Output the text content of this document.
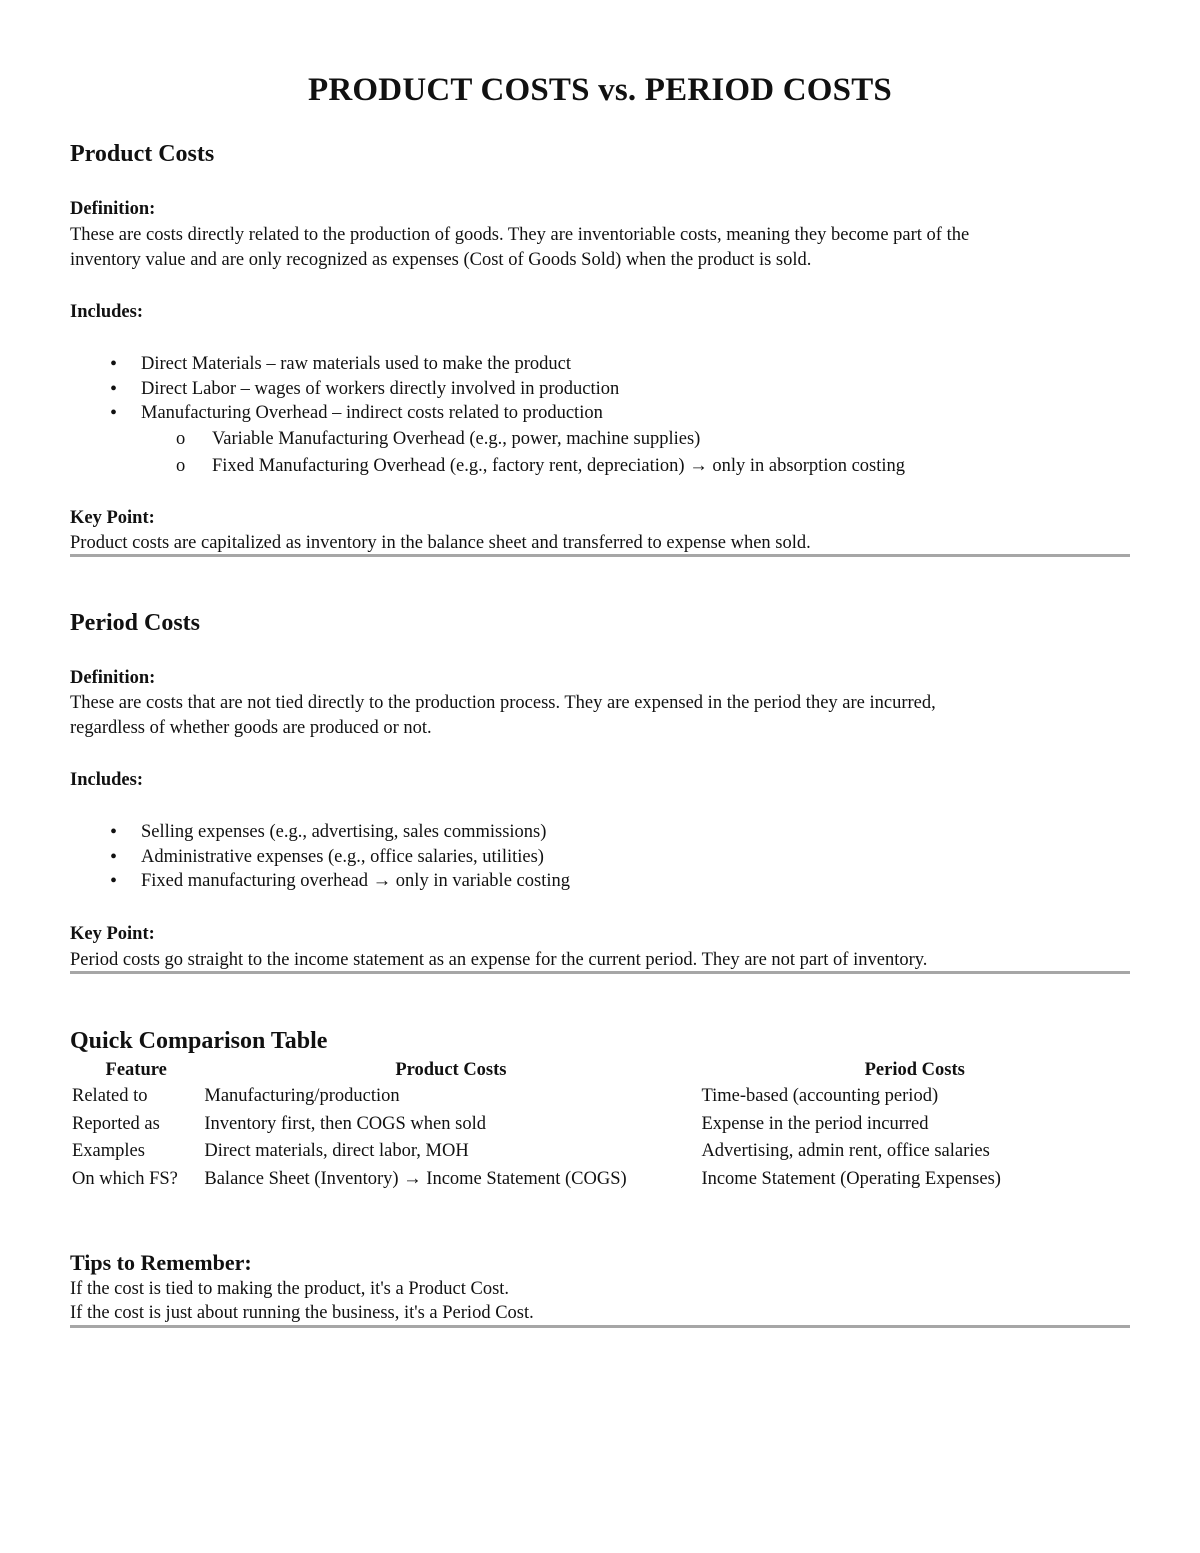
PRODUCT COSTS vs. PERIOD COSTS
Product Costs

Definition:

These are costs directly related to the production of goods. They are inventoriable costs, meaning they become part of the

inventory value and are only recognized as expenses (Cost of Goods Sold) when the product is sold.

Includes:

• Direct Materials – raw materials used to make the product
• Direct Labor – wages of workers directly involved in production
• Manufacturing Overhead – indirect costs related to production
o Variable Manufacturing Overhead (e.g., power, machine supplies)
o Fixed Manufacturing Overhead (e.g., factory rent, depreciation) → only in absorption costing

Key Point:

Product costs are capitalized as inventory in the balance sheet and transferred to expense when sold.

Period Costs

Definition:

These are costs that are not tied directly to the production process. They are expensed in the period they are incurred,

regardless of whether goods are produced or not.

Includes:

• Selling expenses (e.g., advertising, sales commissions)
• Administrative expenses (e.g., office salaries, utilities)
• Fixed manufacturing overhead → only in variable costing

Key Point:

Period costs go straight to the income statement as an expense for the current period. They are not part of inventory.

Quick Comparison Table
Feature	Product Costs	Period Costs
Related to	Manufacturing/production	Time-based (accounting period)
Reported as	Inventory first, then COGS when sold	Expense in the period incurred
Examples	Direct materials, direct labor, MOH	Advertising, admin rent, office salaries
On which FS?	Balance Sheet (Inventory) → Income Statement (COGS)	Income Statement (Operating Expenses)
Tips to Remember:

If the cost is tied to making the product, it's a Product Cost.

If the cost is just about running the business, it's a Period Cost.
